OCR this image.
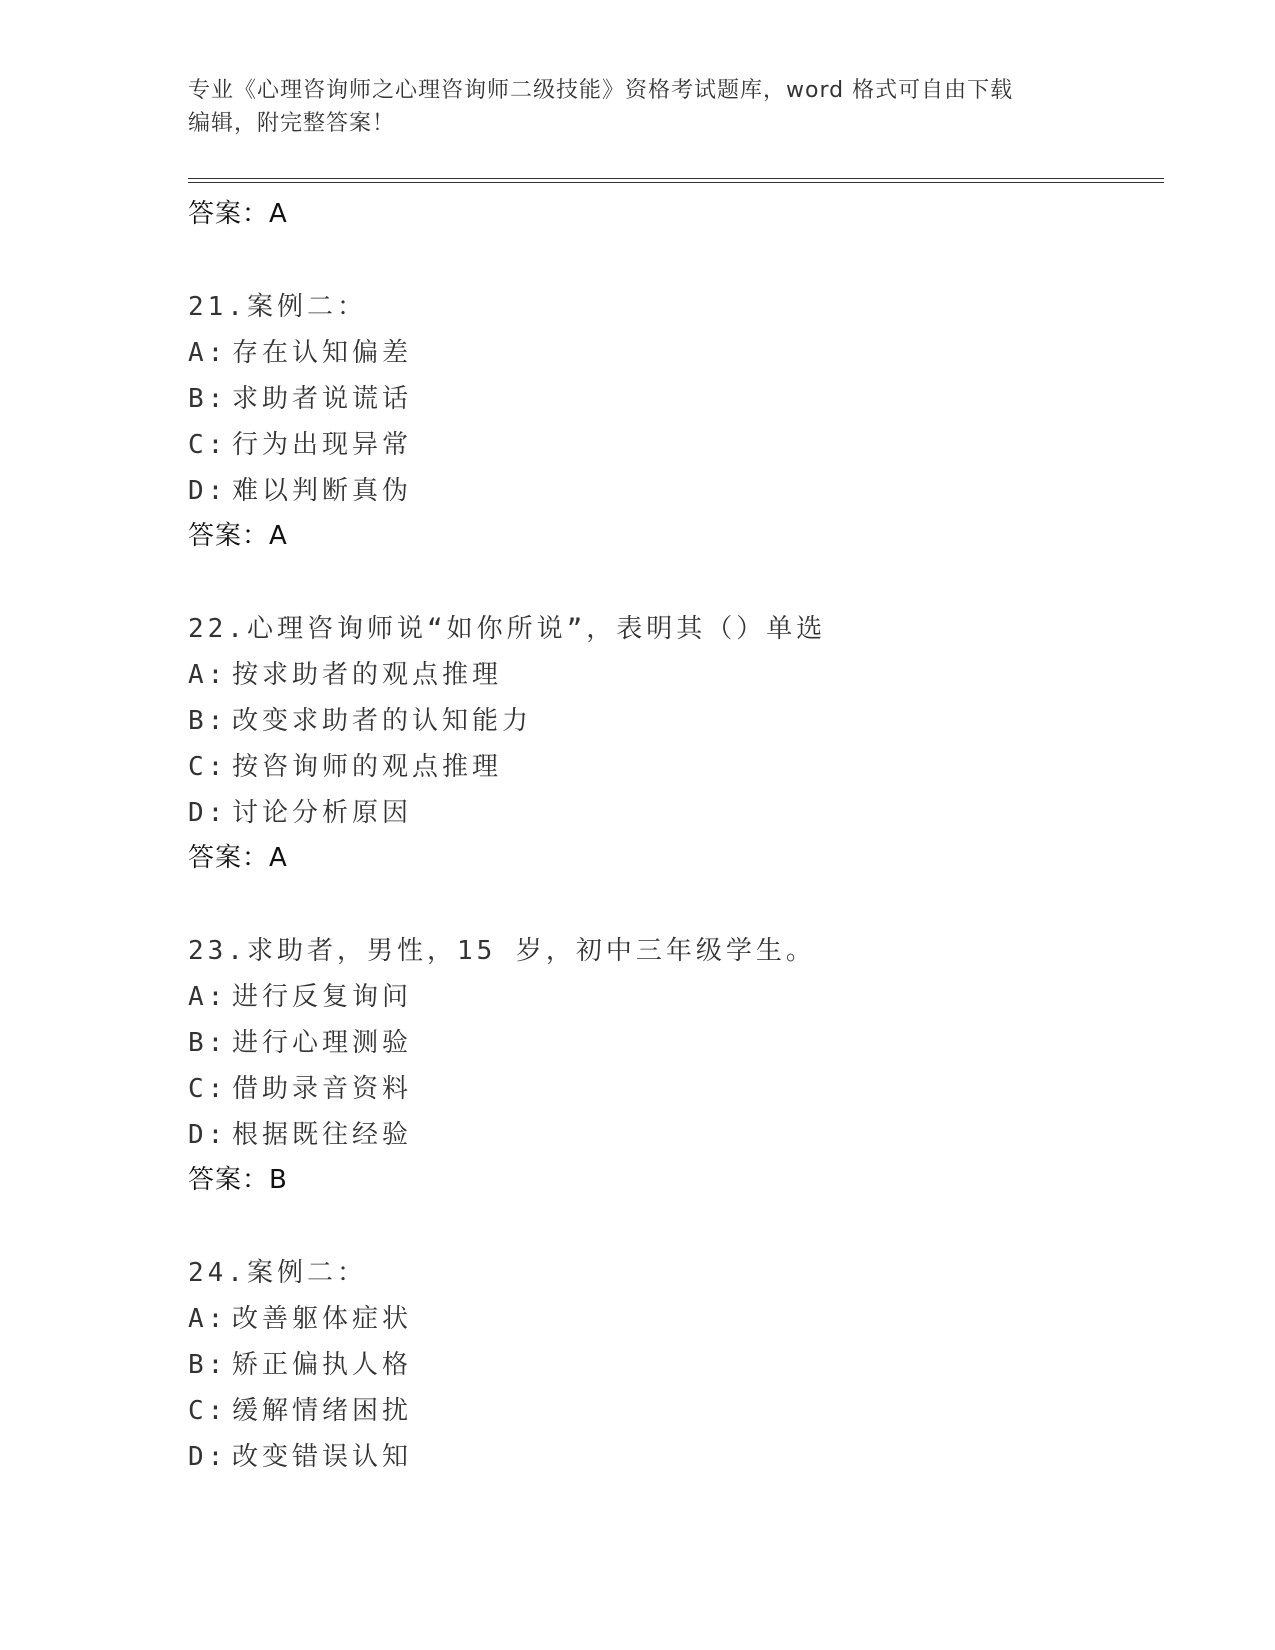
专业《心理咨询师之心理咨询师二级技能》资格考试题库，word 格式可自由下载
编辑，附完整答案！
答案：A
21.案例二：
A: 存在认知偏差
B: 求助者说谎话
C: 行为出现异常
D: 难以判断真伪
答案：A
22.心理咨询师说“如你所说”，表明其（）单选
A: 按求助者的观点推理
B: 改变求助者的认知能力
C: 按咨询师的观点推理
D: 讨论分析原因
答案：A
23.求助者，男性，15 岁，初中三年级学生。
A: 进行反复询问
B: 进行心理测验
C: 借助录音资料
D: 根据既往经验
答案：B
24.案例二：
A: 改善躯体症状
B: 矫正偏执人格
C: 缓解情绪困扰
D: 改变错误认知
